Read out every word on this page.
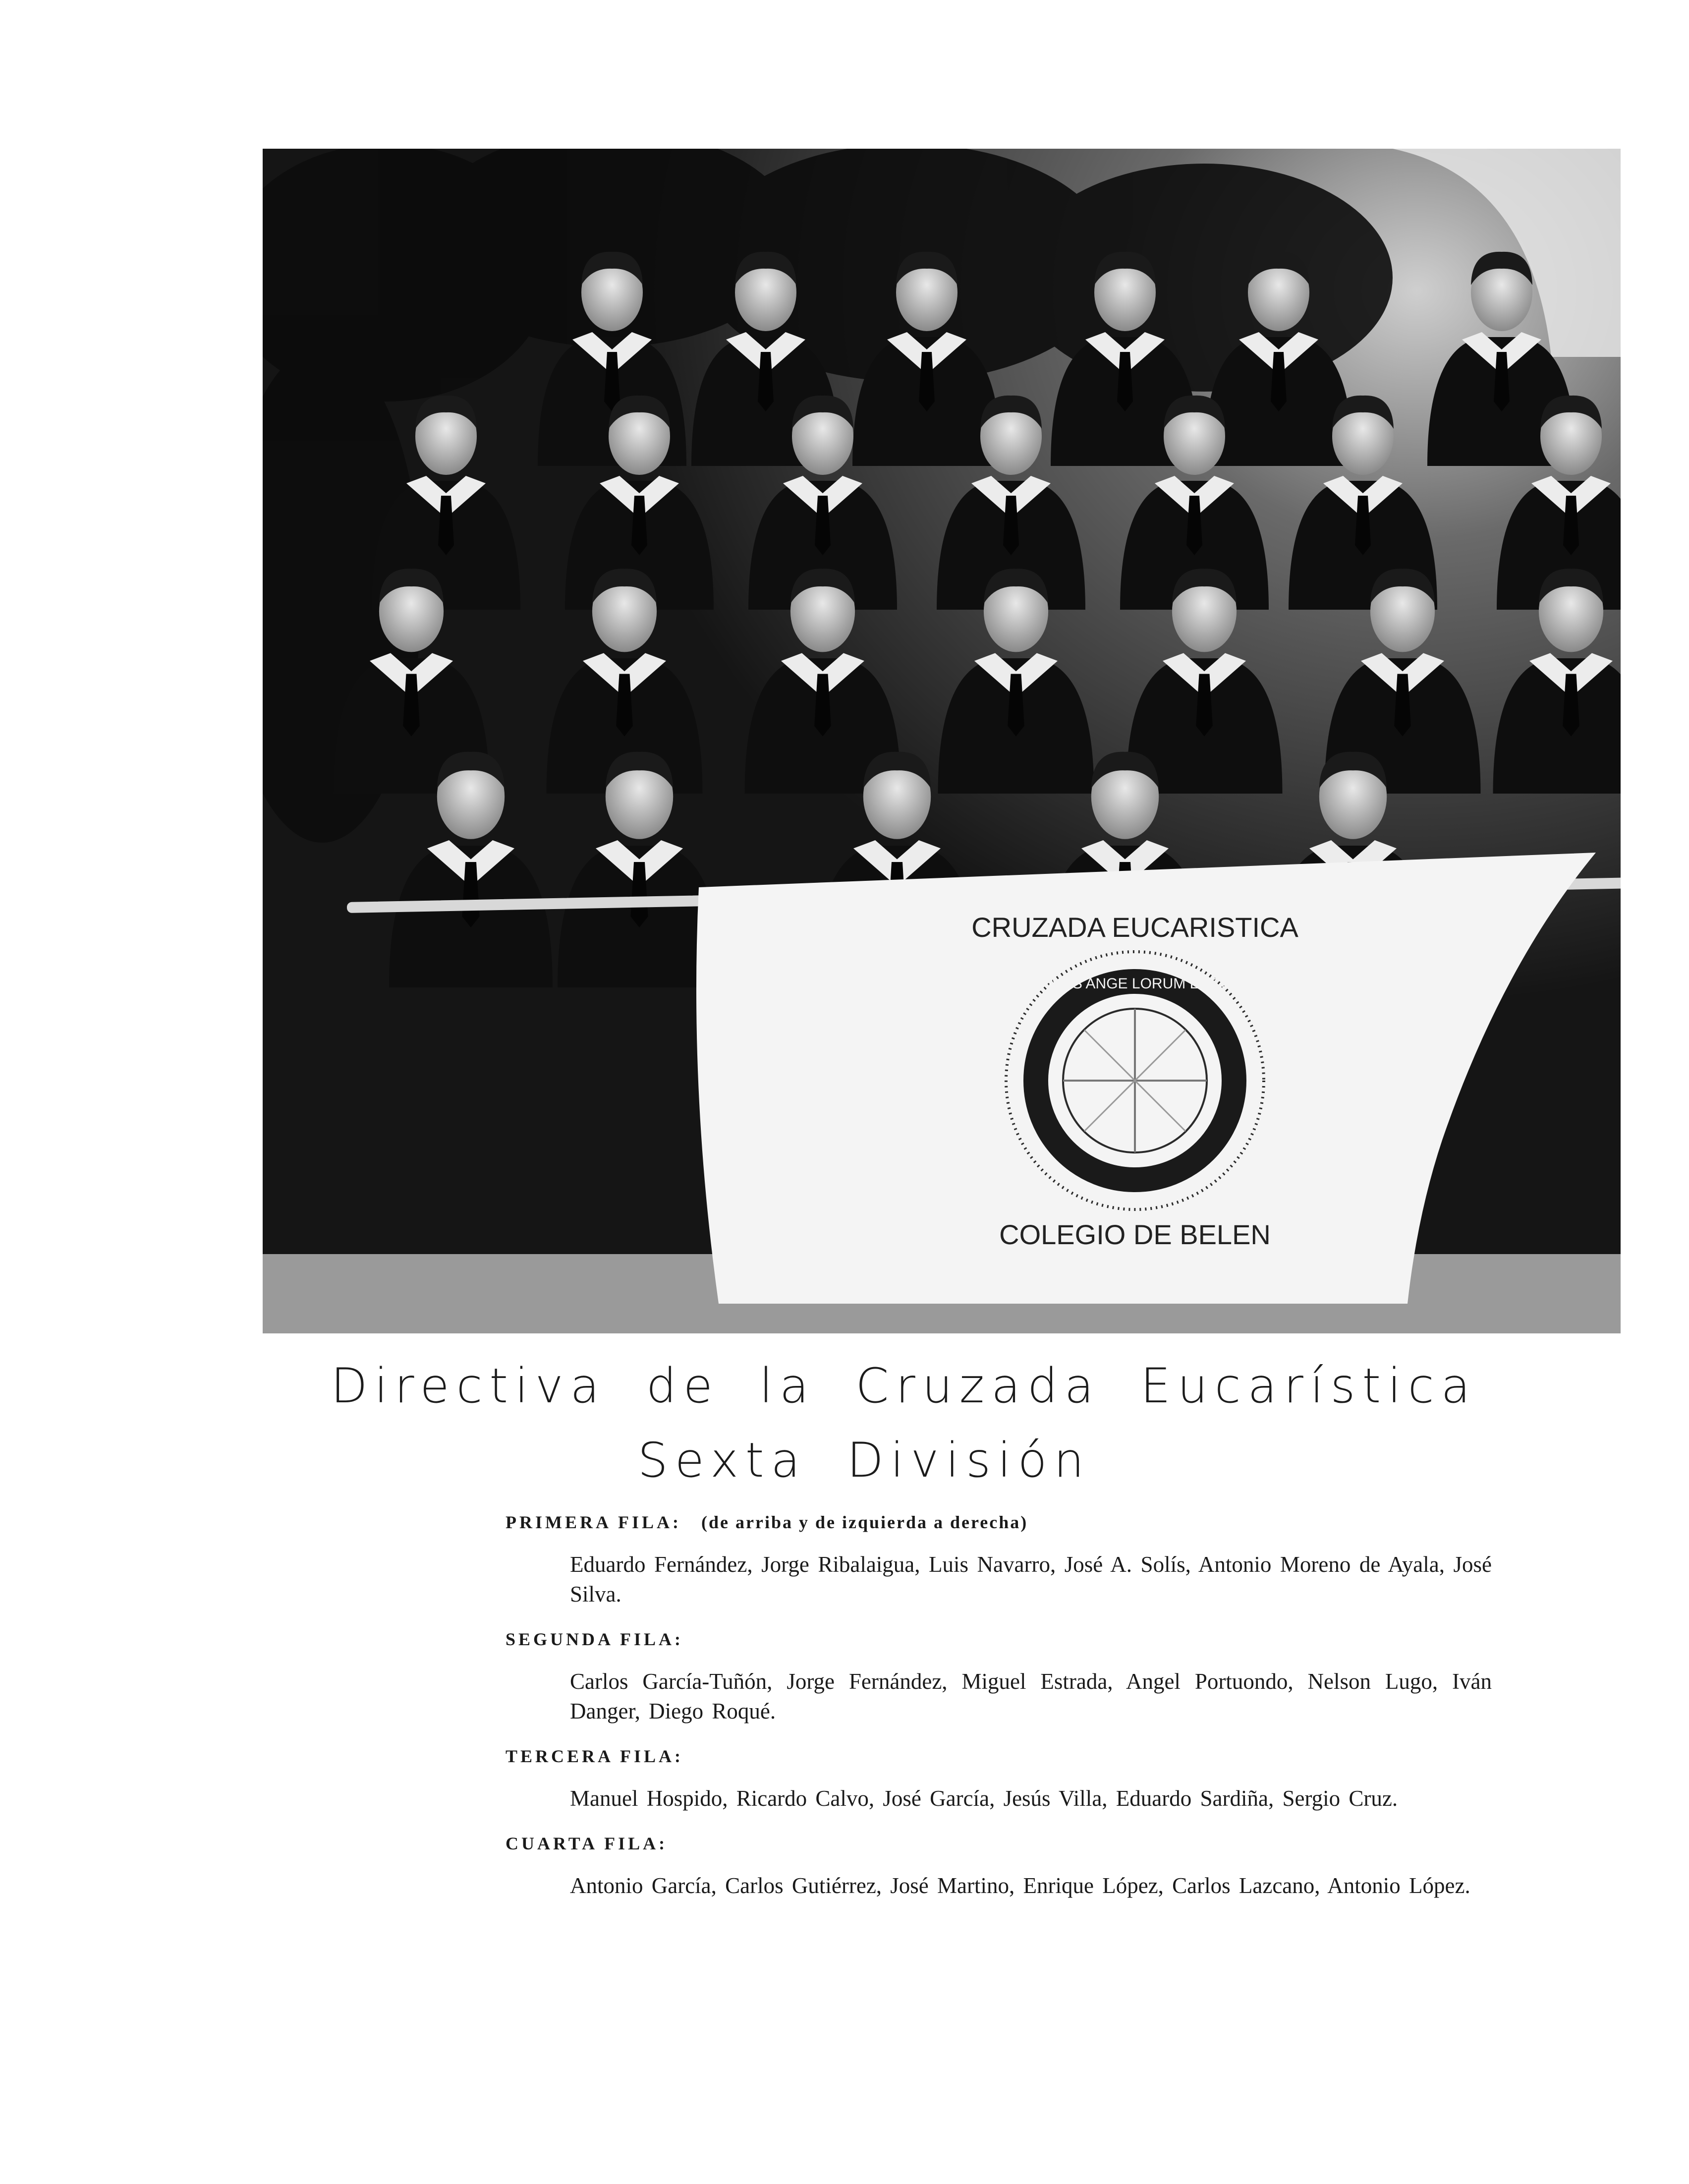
CRUZADA EUCARISTICA
PANIS ANGE LORUM ECCE
COLEGIO DE BELEN
Directiva de la Cruzada Eucarística
Sexta División
PRIMERA FILA: (de arriba y de izquierda a derecha)
Eduardo Fernández, Jorge Ribalaigua, Luis Navarro, José A. Solís, Antonio Moreno de Ayala, José Silva.
SEGUNDA FILA:
Carlos García-Tuñón, Jorge Fernández, Miguel Estrada, Angel Portuondo, Nelson Lugo, Iván Danger, Diego Roqué.
TERCERA FILA:
Manuel Hospido, Ricardo Calvo, José García, Jesús Villa, Eduardo Sardiña, Sergio Cruz.
CUARTA FILA:
Antonio García, Carlos Gutiérrez, José Martino, Enrique López, Carlos Lazcano, Antonio López.
